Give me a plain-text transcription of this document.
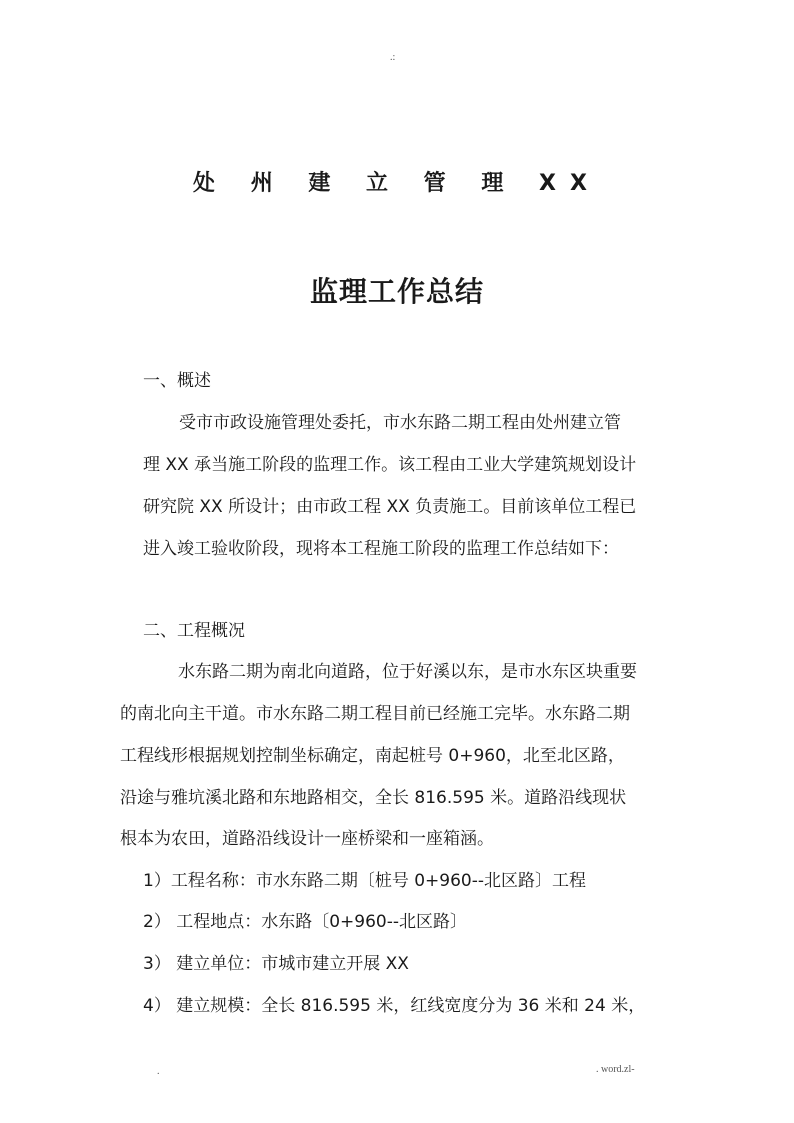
.:
处 州 建 立 管 理 XX
监理工作总结
一、概述
受市市政设施管理处委托，市水东路二期工程由处州建立管
理 XX 承当施工阶段的监理工作。该工程由工业大学建筑规划设计
研究院 XX 所设计；由市政工程 XX 负责施工。目前该单位工程已
进入竣工验收阶段，现将本工程施工阶段的监理工作总结如下：
二、工程概况
水东路二期为南北向道路，位于好溪以东，是市水东区块重要
的南北向主干道。市水东路二期工程目前已经施工完毕。水东路二期
工程线形根据规划控制坐标确定，南起桩号 0+960，北至北区路，
沿途与雅坑溪北路和东地路相交，全长 816.595 米。道路沿线现状
根本为农田，道路沿线设计一座桥梁和一座箱涵。
1）工程名称：市水东路二期〔桩号 0+960--北区路〕工程
2） 工程地点：水东路〔0+960--北区路〕
3） 建立单位：市城市建立开展 XX
4） 建立规模：全长 816.595 米，红线宽度分为 36 米和 24 米，
.	. word.zl-
